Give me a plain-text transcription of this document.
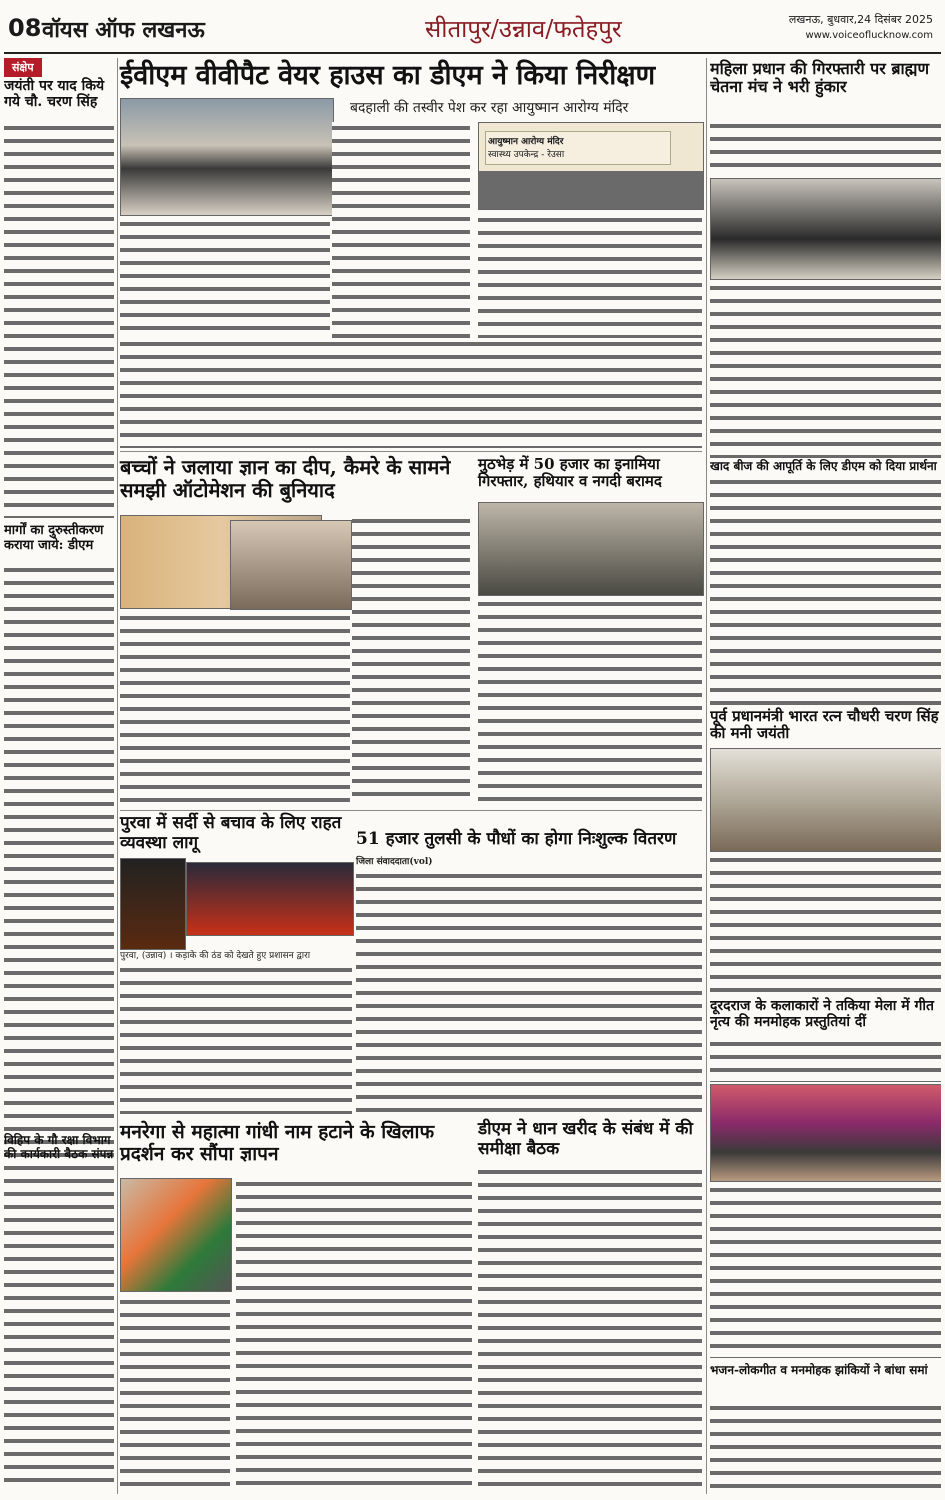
08 वॉयस ऑफ लखनऊ	सीतापुर/उन्नाव/फतेहपुर	लखनऊ, बुधवार,24 दिसंबर 2025
www.voiceoflucknow.com
संक्षेप
जयंती पर याद किये गये चौ. चरण सिंह
मार्गों का दुरुस्तीकरण कराया जाये: डीएम
विहिप के गौ रक्षा विभाग की कार्यकारी बैठक संपन्न
ईवीएम वीवीपैट वेयर हाउस का डीएम ने किया निरीक्षण
बदहाली की तस्वीर पेश कर रहा आयुष्मान आरोग्य मंदिर
आयुष्मान आरोग्य मंदिर
स्वास्थ्य उपकेन्द्र - रेउसा
बच्चों ने जलाया ज्ञान का दीप, कैमरे के सामने समझी ऑटोमेशन की बुनियाद
मुठभेड़ में 50 हजार का इनामिया गिरफ्तार, हथियार व नगदी बरामद
पुरवा में सर्दी से बचाव के लिए राहत व्यवस्था लागू
पुरवा, (उन्नाव) । कड़ाके की ठंड को देखते हुए प्रशासन द्वारा
51 हजार तुलसी के पौधों का होगा निःशुल्क वितरण
जिला संवाददाता(vol)
डीएम ने धान खरीद के संबंध में की समीक्षा बैठक
मनरेगा से महात्मा गांधी नाम हटाने के खिलाफ प्रदर्शन कर सौंपा ज्ञापन
महिला प्रधान की गिरफ्तारी पर ब्राह्मण चेतना मंच ने भरी हुंकार
खाद बीज की आपूर्ति के लिए डीएम को दिया प्रार्थना
पूर्व प्रधानमंत्री भारत रत्न चौधरी चरण सिंह की मनी जयंती
दूरदराज के कलाकारों ने तकिया मेला में गीत नृत्य की मनमोहक प्रस्तुतियां दीं
भजन-लोकगीत व मनमोहक झांकियों ने बांधा समां
